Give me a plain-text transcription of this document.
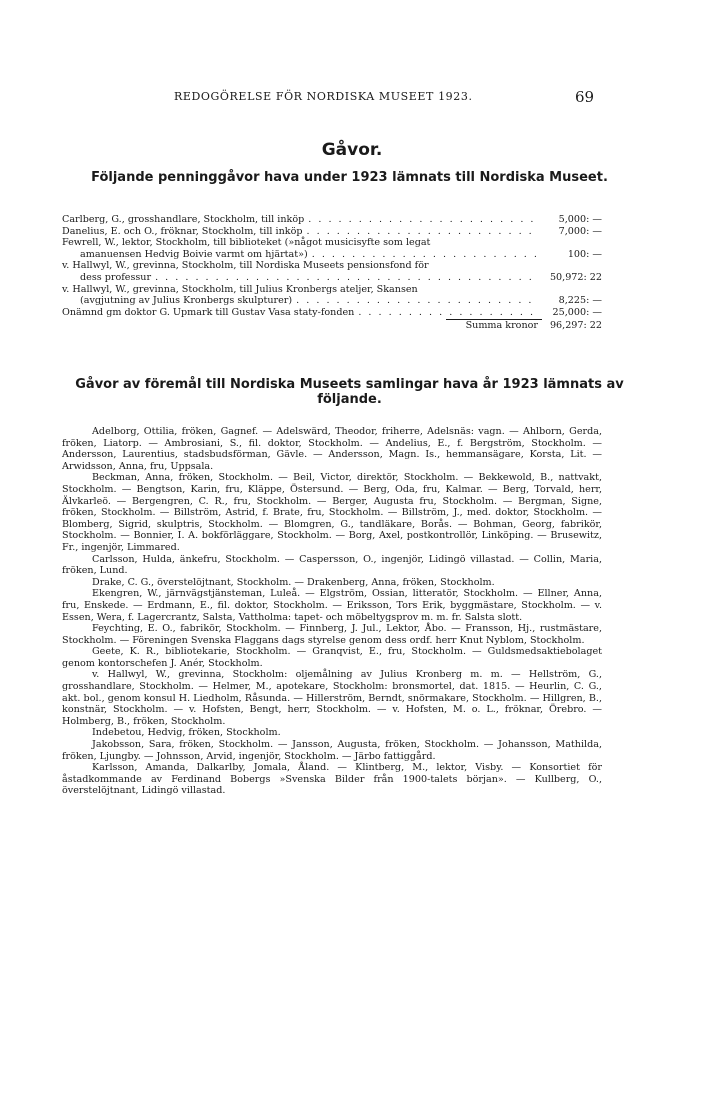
REDOGÖRELSE FÖR NORDISKA MUSEET 1923.	69
Gåvor.
Följande penninggåvor hava under 1923 lämnats till Nordiska Museet.
Carlberg, G., grosshandlare, Stockholm, till inköp . . .	5,000: —
Danelius, E. och O., fröknar, Stockholm, till inköp . . .	7,000: —
Fewrell, W., lektor, Stockholm, till biblioteket (»något musicisyfte som legat
amanuensen Hedvig Boivie varmt om hjärtat») . . .	100: —
v. Hallwyl, W., grevinna, Stockholm, till Nordiska Museets pensionsfond för
dess professur . . .	50,972: 22
v. Hallwyl, W., grevinna, Stockholm, till Julius Kronbergs ateljer, Skansen
(avgjutning av Julius Kronbergs skulpturer) . . .	8,225: —
Onämnd gm doktor G. Upmark till Gustav Vasa staty-fonden . . .	25,000: —
Summa kronor	96,297: 22
Gåvor av föremål till Nordiska Museets samlingar hava år 1923 lämnats av följande.

Adelborg, Ottilia, fröken, Gagnef. — Adelswärd, Theodor, friherre, Adelsnäs: vagn. — Ahlborn, Gerda, fröken, Liatorp. — Ambrosiani, S., fil. doktor, Stockholm. — Andelius, E., f. Bergström, Stockholm. — Andersson, Laurentius, stadsbudsförman, Gävle. — Andersson, Magn. Is., hemmansägare, Korsta, Lit. — Arwidsson, Anna, fru, Uppsala.

Beckman, Anna, fröken, Stockholm. — Beil, Victor, direktör, Stockholm. — Bekkewold, B., nattvakt, Stockholm. — Bengtson, Karin, fru, Kläppe, Östersund. — Berg, Oda, fru, Kalmar. — Berg, Torvald, herr, Älvkarleö. — Bergengren, C. R., fru, Stockholm. — Berger, Augusta fru, Stockholm. — Bergman, Signe, fröken, Stockholm. — Billström, Astrid, f. Brate, fru, Stockholm. — Billström, J., med. doktor, Stockholm. — Blomberg, Sigrid, skulptris, Stockholm. — Blomgren, G., tandläkare, Borås. — Bohman, Georg, fabrikör, Stockholm. — Bonnier, I. A. bokförläggare, Stockholm. — Borg, Axel, postkontrollör, Linköping. — Brusewitz, Fr., ingenjör, Limmared.

Carlsson, Hulda, änkefru, Stockholm. — Caspersson, O., ingenjör, Lidingö villastad. — Collin, Maria, fröken, Lund.

Drake, C. G., överstelöjtnant, Stockholm. — Drakenberg, Anna, fröken, Stockholm.

Ekengren, W., järnvägstjänsteman, Luleå. — Elgström, Ossian, litteratör, Stockholm. — Ellner, Anna, fru, Enskede. — Erdmann, E., fil. doktor, Stockholm. — Eriksson, Tors Erik, byggmästare, Stockholm. — v. Essen, Wera, f. Lagercrantz, Salsta, Vattholma: tapet- och möbeltygsprov m. m. fr. Salsta slott.

Feychting, E. O., fabrikör, Stockholm. — Finnberg, J. Jul., Lektor, Åbo. — Fransson, Hj., rustmästare, Stockholm. — Föreningen Svenska Flaggans dags styrelse genom dess ordf. herr Knut Nyblom, Stockholm.

Geete, K. R., bibliotekarie, Stockholm. — Granqvist, E., fru, Stockholm. — Guldsmedsaktiebolaget genom kontorschefen J. Anér, Stockholm.

v. Hallwyl, W., grevinna, Stockholm: oljemålning av Julius Kronberg m. m. — Hellström, G., grosshandlare, Stockholm. — Helmer, M., apotekare, Stockholm: bronsmortel, dat. 1815. — Heurlin, C. G., akt. bol., genom konsul H. Liedholm, Råsunda. — Hillerström, Berndt, snörmakare, Stockholm. — Hillgren, B., konstnär, Stockholm. — v. Hofsten, Bengt, herr, Stockholm. — v. Hofsten, M. o. L., fröknar, Örebro. — Holmberg, B., fröken, Stockholm.

Indebetou, Hedvig, fröken, Stockholm.

Jakobsson, Sara, fröken, Stockholm. — Jansson, Augusta, fröken, Stockholm. — Johansson, Mathilda, fröken, Ljungby. — Johnsson, Arvid, ingenjör, Stockholm. — Järbo fattiggård.

Karlsson, Amanda, Dalkarlby, Jomala, Åland. — Klintberg, M., lektor, Visby. — Konsortiet för åstadkommande av Ferdinand Bobergs »Svenska Bilder från 1900-talets början». — Kullberg, O., överstelöjtnant, Lidingö villastad.
